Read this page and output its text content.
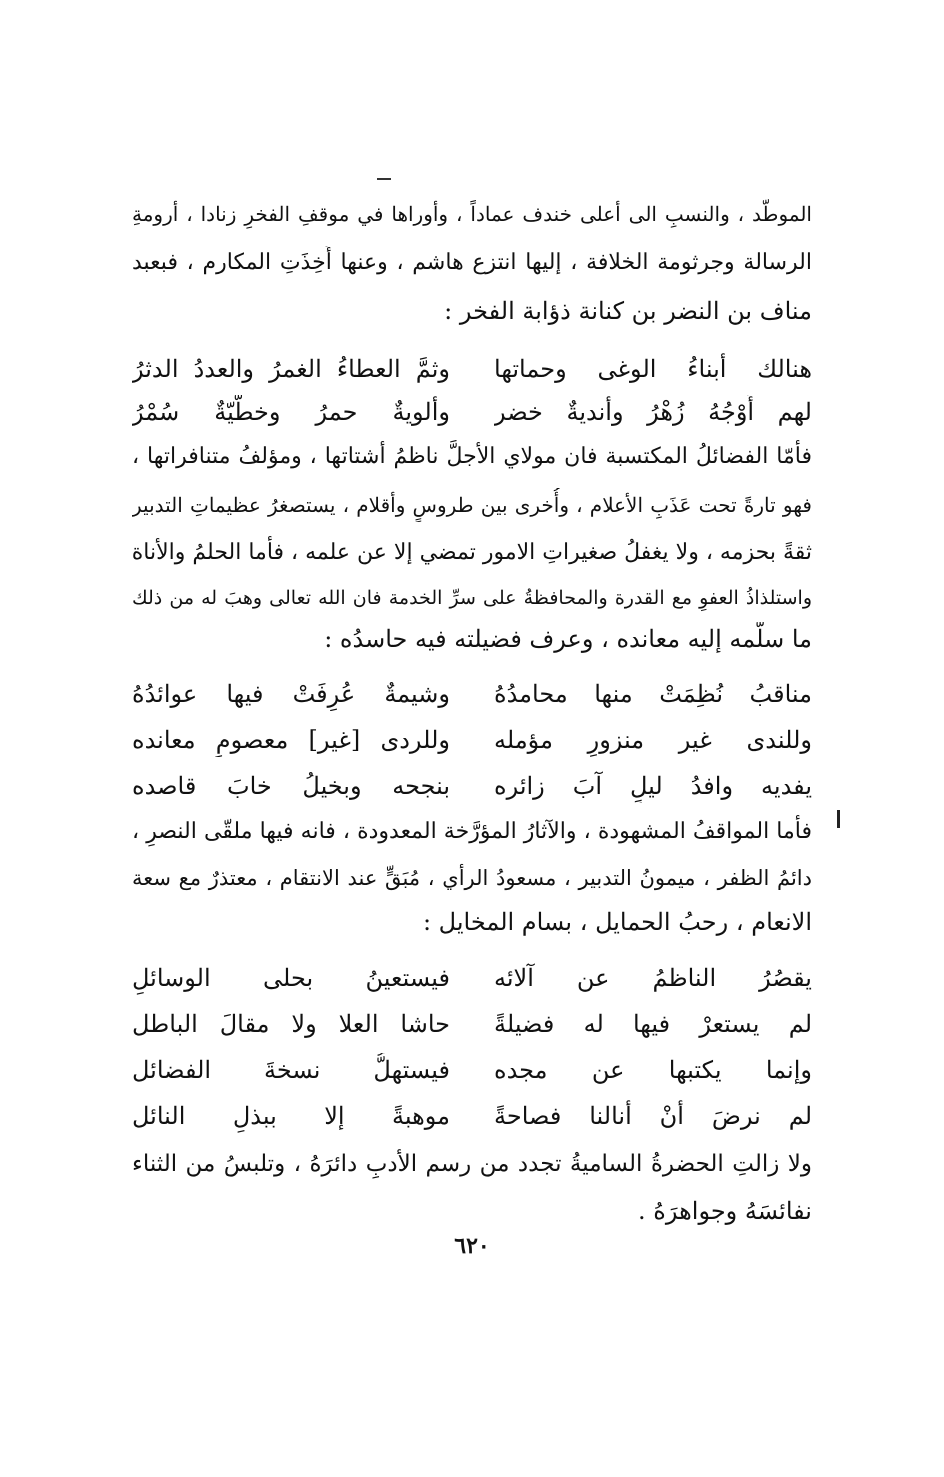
الموطّد ، والنسبِ الى أعلى خندف عماداً ، وأوراها في موقفِ الفخرِ زنادا ، أرومةِ
الرسالة وجرثومة الخلافة ، إليها انتزع هاشم ، وعنها أُخِذَتِ المكارم ، فبعبد
مناف بن النضر بن كنانة ذؤابة الفخر :
هنالك أبناءُ الوغى وحماتها
وثمَّ العطاءُ الغمرُ والعددُ الدثرُ
لهم أَوْجُهُ زُهْرُ وأنديةٌ خضر
وألويةٌ حمرُ وخطّيّةٌ سُمْرُ
فأمّا الفضائلُ المكتسبة فان مولاي الأجلَّ ناظمُ أشتاتها ، ومؤلفُ متنافراتها ،
فهو تارةً تحت عَذَبِ الأعلام ، وأُخرى بين طروسٍ وأقلام ، يستصغرُ عظيماتِ التدبير
ثقةً بحزمه ، ولا يغفلُ صغيراتِ الامور تمضي إلا عن علمه ، فأما الحلمُ والأناة
واستلذاذُ العفوِ مع القدرة والمحافظةُ على سرِّ الخدمة فان الله تعالى وهبَ له من ذلك
ما سلّمه إليه معانده ، وعرف فضيلته فيه حاسدُه :
مناقبُ نُظِمَتْ منها محامدُهُ
وشيمةٌ عُرِفَتْ فيها عوائدُهُ
وللندى غير منزورٍ مؤمله
وللردى [غير] معصومٍ معانده
يفديه وافدُ ليلٍ آبَ زائره
بنجحه وبخيلُ خابَ قاصده
فأما المواقفُ المشهودة ، والآثارُ المؤرَّخة المعدودة ، فانه فيها ملقّى النصرِ ،
دائمُ الظفر ، ميمونُ التدبير ، مسعودُ الرأي ، مُبَقٍّ عند الانتقام ، معتذرٌ مع سعة
الانعام ، رحبُ الحمايل ، بسام المخايل :
يقصُرُ الناظمُ عن آلائه
فيستعينُ بحلى الوسائلِ
لم يستعرْ فيها له فضيلةً
حاشا العلا ولا مقالَ الباطل
وإنما يكتبها عن مجده
فيستهلُّ نسخةَ الفضائل
لم نرضَ أنْ أنالنا فصاحةً
موهبةً إلا ببذلِ النائل
ولا زالتِ الحضرةُ الساميةُ تجدد من رسم الأدبِ دائرَهُ ، وتلبسُ من الثناء
نفائسَهُ وجواهرَهُ .
٦٢٠
